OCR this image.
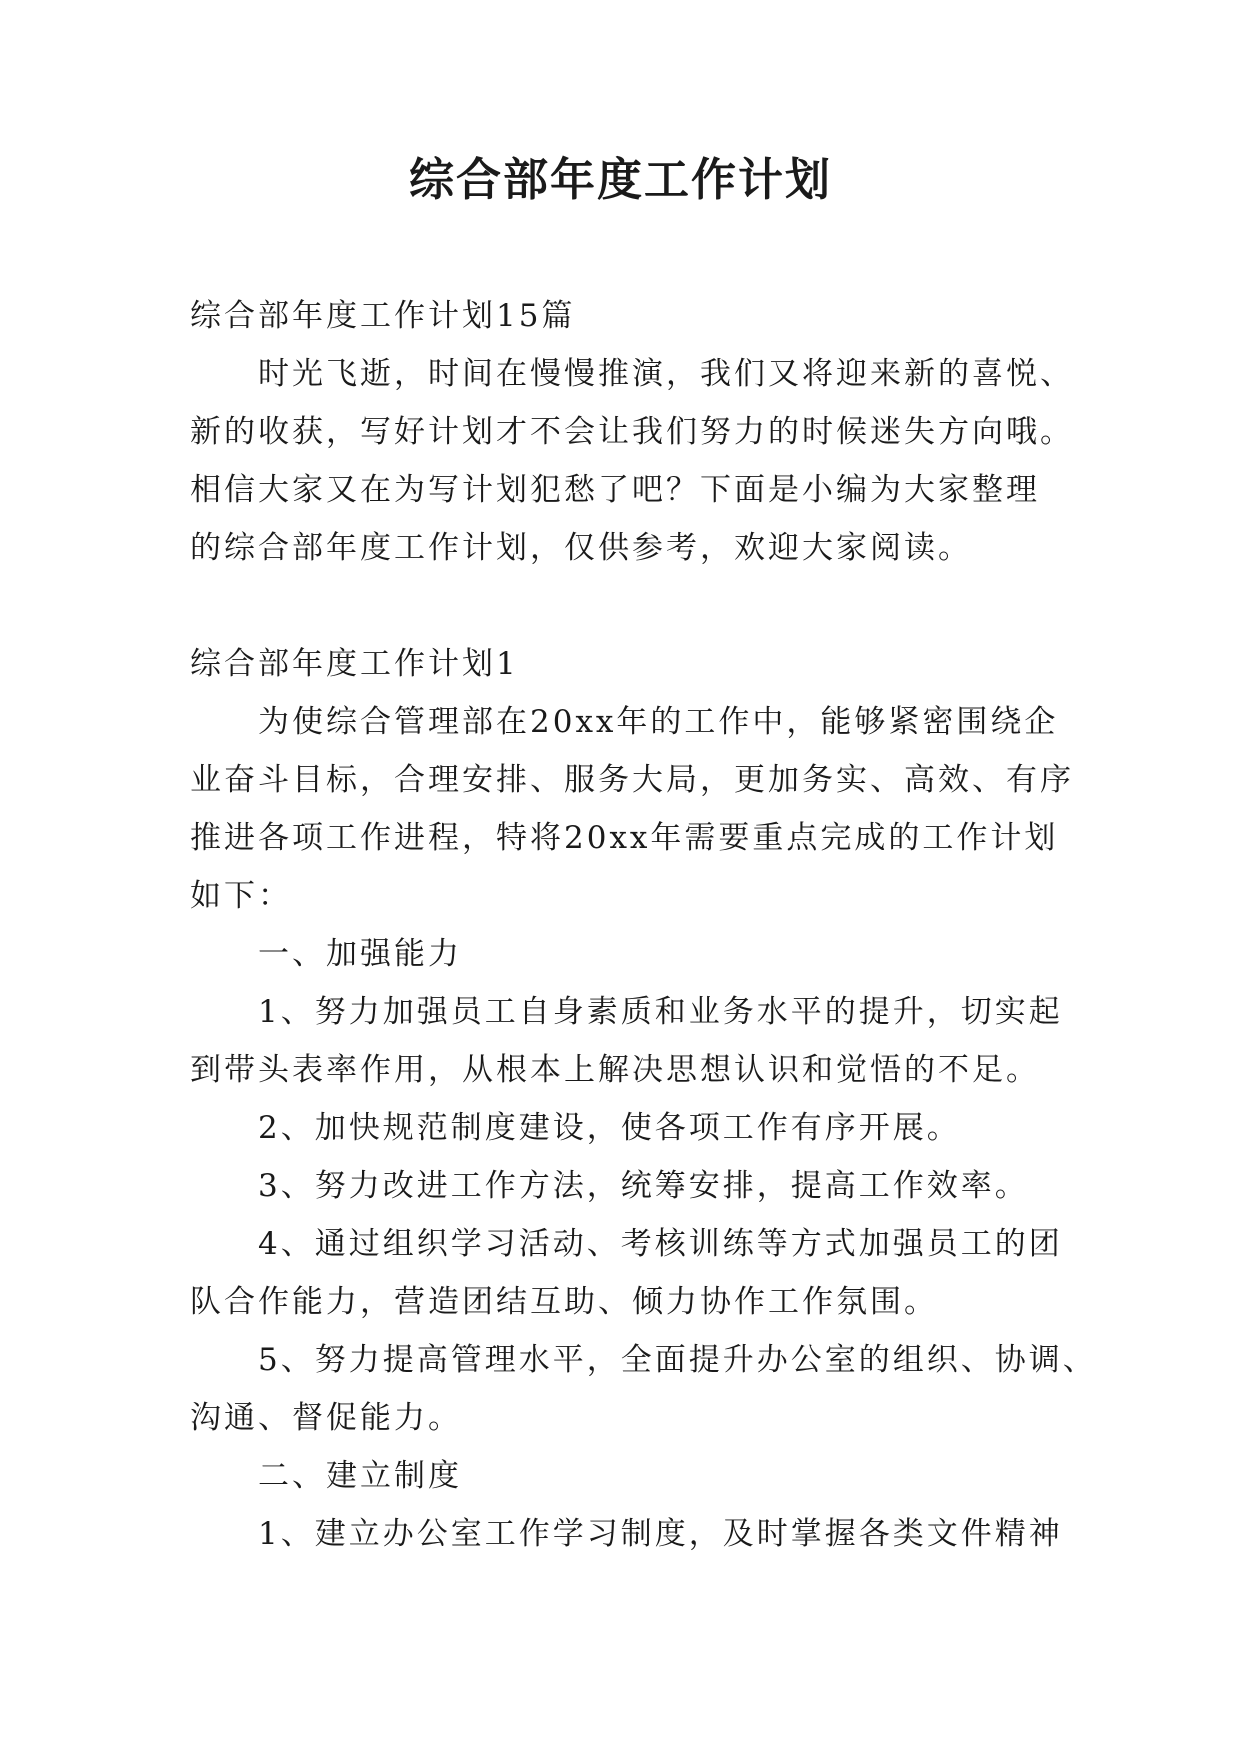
综合部年度工作计划
综合部年度工作计划15篇
时光飞逝，时间在慢慢推演，我们又将迎来新的喜悦、
新的收获，写好计划才不会让我们努力的时候迷失方向哦。
相信大家又在为写计划犯愁了吧？下面是小编为大家整理
的综合部年度工作计划，仅供参考，欢迎大家阅读。
综合部年度工作计划1
为使综合管理部在20xx年的工作中，能够紧密围绕企
业奋斗目标，合理安排、服务大局，更加务实、高效、有序
推进各项工作进程，特将20xx年需要重点完成的工作计划
如下：
一、加强能力
1、努力加强员工自身素质和业务水平的提升，切实起
到带头表率作用，从根本上解决思想认识和觉悟的不足。
2、加快规范制度建设，使各项工作有序开展。
3、努力改进工作方法，统筹安排，提高工作效率。
4、通过组织学习活动、考核训练等方式加强员工的团
队合作能力，营造团结互助、倾力协作工作氛围。
5、努力提高管理水平，全面提升办公室的组织、协调、
沟通、督促能力。
二、建立制度
1、建立办公室工作学习制度，及时掌握各类文件精神
